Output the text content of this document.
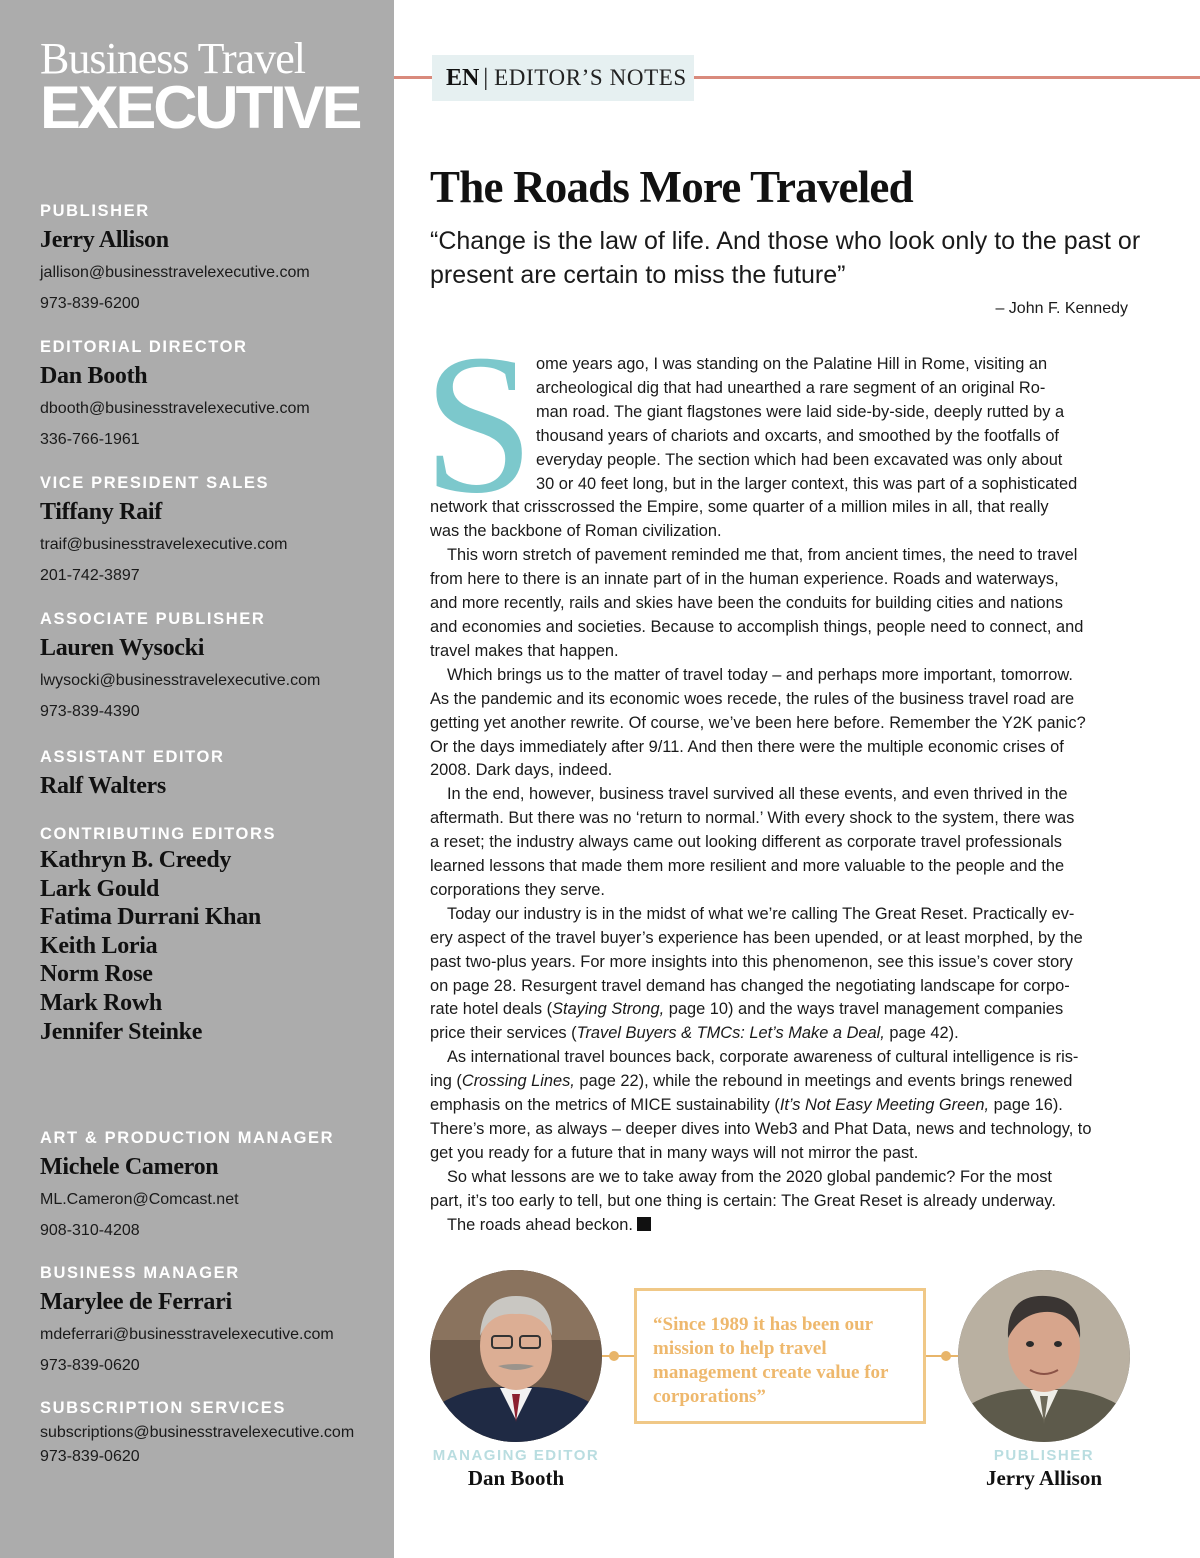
Business Travel
EXECUTIVE
PUBLISHER
Jerry Allison
jallison@businesstravelexecutive.com
973-839-6200
EDITORIAL DIRECTOR
Dan Booth
dbooth@businesstravelexecutive.com
336-766-1961
VICE PRESIDENT SALES
Tiffany Raif
traif@businesstravelexecutive.com
201-742-3897
ASSOCIATE PUBLISHER
Lauren Wysocki
lwysocki@businesstravelexecutive.com
973-839-4390
ASSISTANT EDITOR
Ralf Walters
CONTRIBUTING EDITORS
Kathryn B. Creedy
Lark Gould
Fatima Durrani Khan
Keith Loria
Norm Rose
Mark Rowh
Jennifer Steinke
ART & PRODUCTION MANAGER
Michele Cameron
ML.Cameron@Comcast.net
908-310-4208
BUSINESS MANAGER
Marylee de Ferrari
mdeferrari@businesstravelexecutive.com
973-839-0620
SUBSCRIPTION SERVICES
subscriptions@businesstravelexecutive.com
973-839-0620
EN | EDITOR’S NOTES
The Roads More Traveled
“Change is the law of life. And those who look only to the past or present are certain to miss the future”
– John F. Kennedy
S ome years ago, I was standing on the Palatine Hill in Rome, visiting an
archeological dig that had unearthed a rare segment of an original Ro-
man road. The giant flagstones were laid side-by-side, deeply rutted by a
thousand years of chariots and oxcarts, and smoothed by the footfalls of
everyday people. The section which had been excavated was only about
30 or 40 feet long, but in the larger context, this was part of a sophisticated
network that crisscrossed the Empire, some quarter of a million miles in all, that really
was the backbone of Roman civilization.

This worn stretch of pavement reminded me that, from ancient times, the need to travel
from here to there is an innate part of in the human experience. Roads and waterways,
and more recently, rails and skies have been the conduits for building cities and nations
and economies and societies. Because to accomplish things, people need to connect, and
travel makes that happen.

Which brings us to the matter of travel today – and perhaps more important, tomorrow.
As the pandemic and its economic woes recede, the rules of the business travel road are
getting yet another rewrite. Of course, we’ve been here before. Remember the Y2K panic?
Or the days immediately after 9/11. And then there were the multiple economic crises of
2008. Dark days, indeed.

In the end, however, business travel survived all these events, and even thrived in the
aftermath. But there was no ‘return to normal.’ With every shock to the system, there was
a reset; the industry always came out looking different as corporate travel professionals
learned lessons that made them more resilient and more valuable to the people and the
corporations they serve.

Today our industry is in the midst of what we’re calling The Great Reset. Practically ev-
ery aspect of the travel buyer’s experience has been upended, or at least morphed, by the
past two-plus years. For more insights into this phenomenon, see this issue’s cover story
on page 28. Resurgent travel demand has changed the negotiating landscape for corpo-
rate hotel deals (Staying Strong, page 10) and the ways travel management companies
price their services (Travel Buyers & TMCs: Let’s Make a Deal, page 42).

As international travel bounces back, corporate awareness of cultural intelligence is ris-
ing (Crossing Lines, page 22), while the rebound in meetings and events brings renewed
emphasis on the metrics of MICE sustainability (It’s Not Easy Meeting Green, page 16).
There’s more, as always – deeper dives into Web3 and Phat Data, news and technology, to
get you ready for a future that in many ways will not mirror the past.

So what lessons are we to take away from the 2020 global pandemic? For the most
part, it’s too early to tell, but one thing is certain: The Great Reset is already underway.

The roads ahead beckon.

“Since 1989 it has been our mission to help travel management create value for corporations”
MANAGING EDITOR
Dan Booth
PUBLISHER
Jerry Allison
